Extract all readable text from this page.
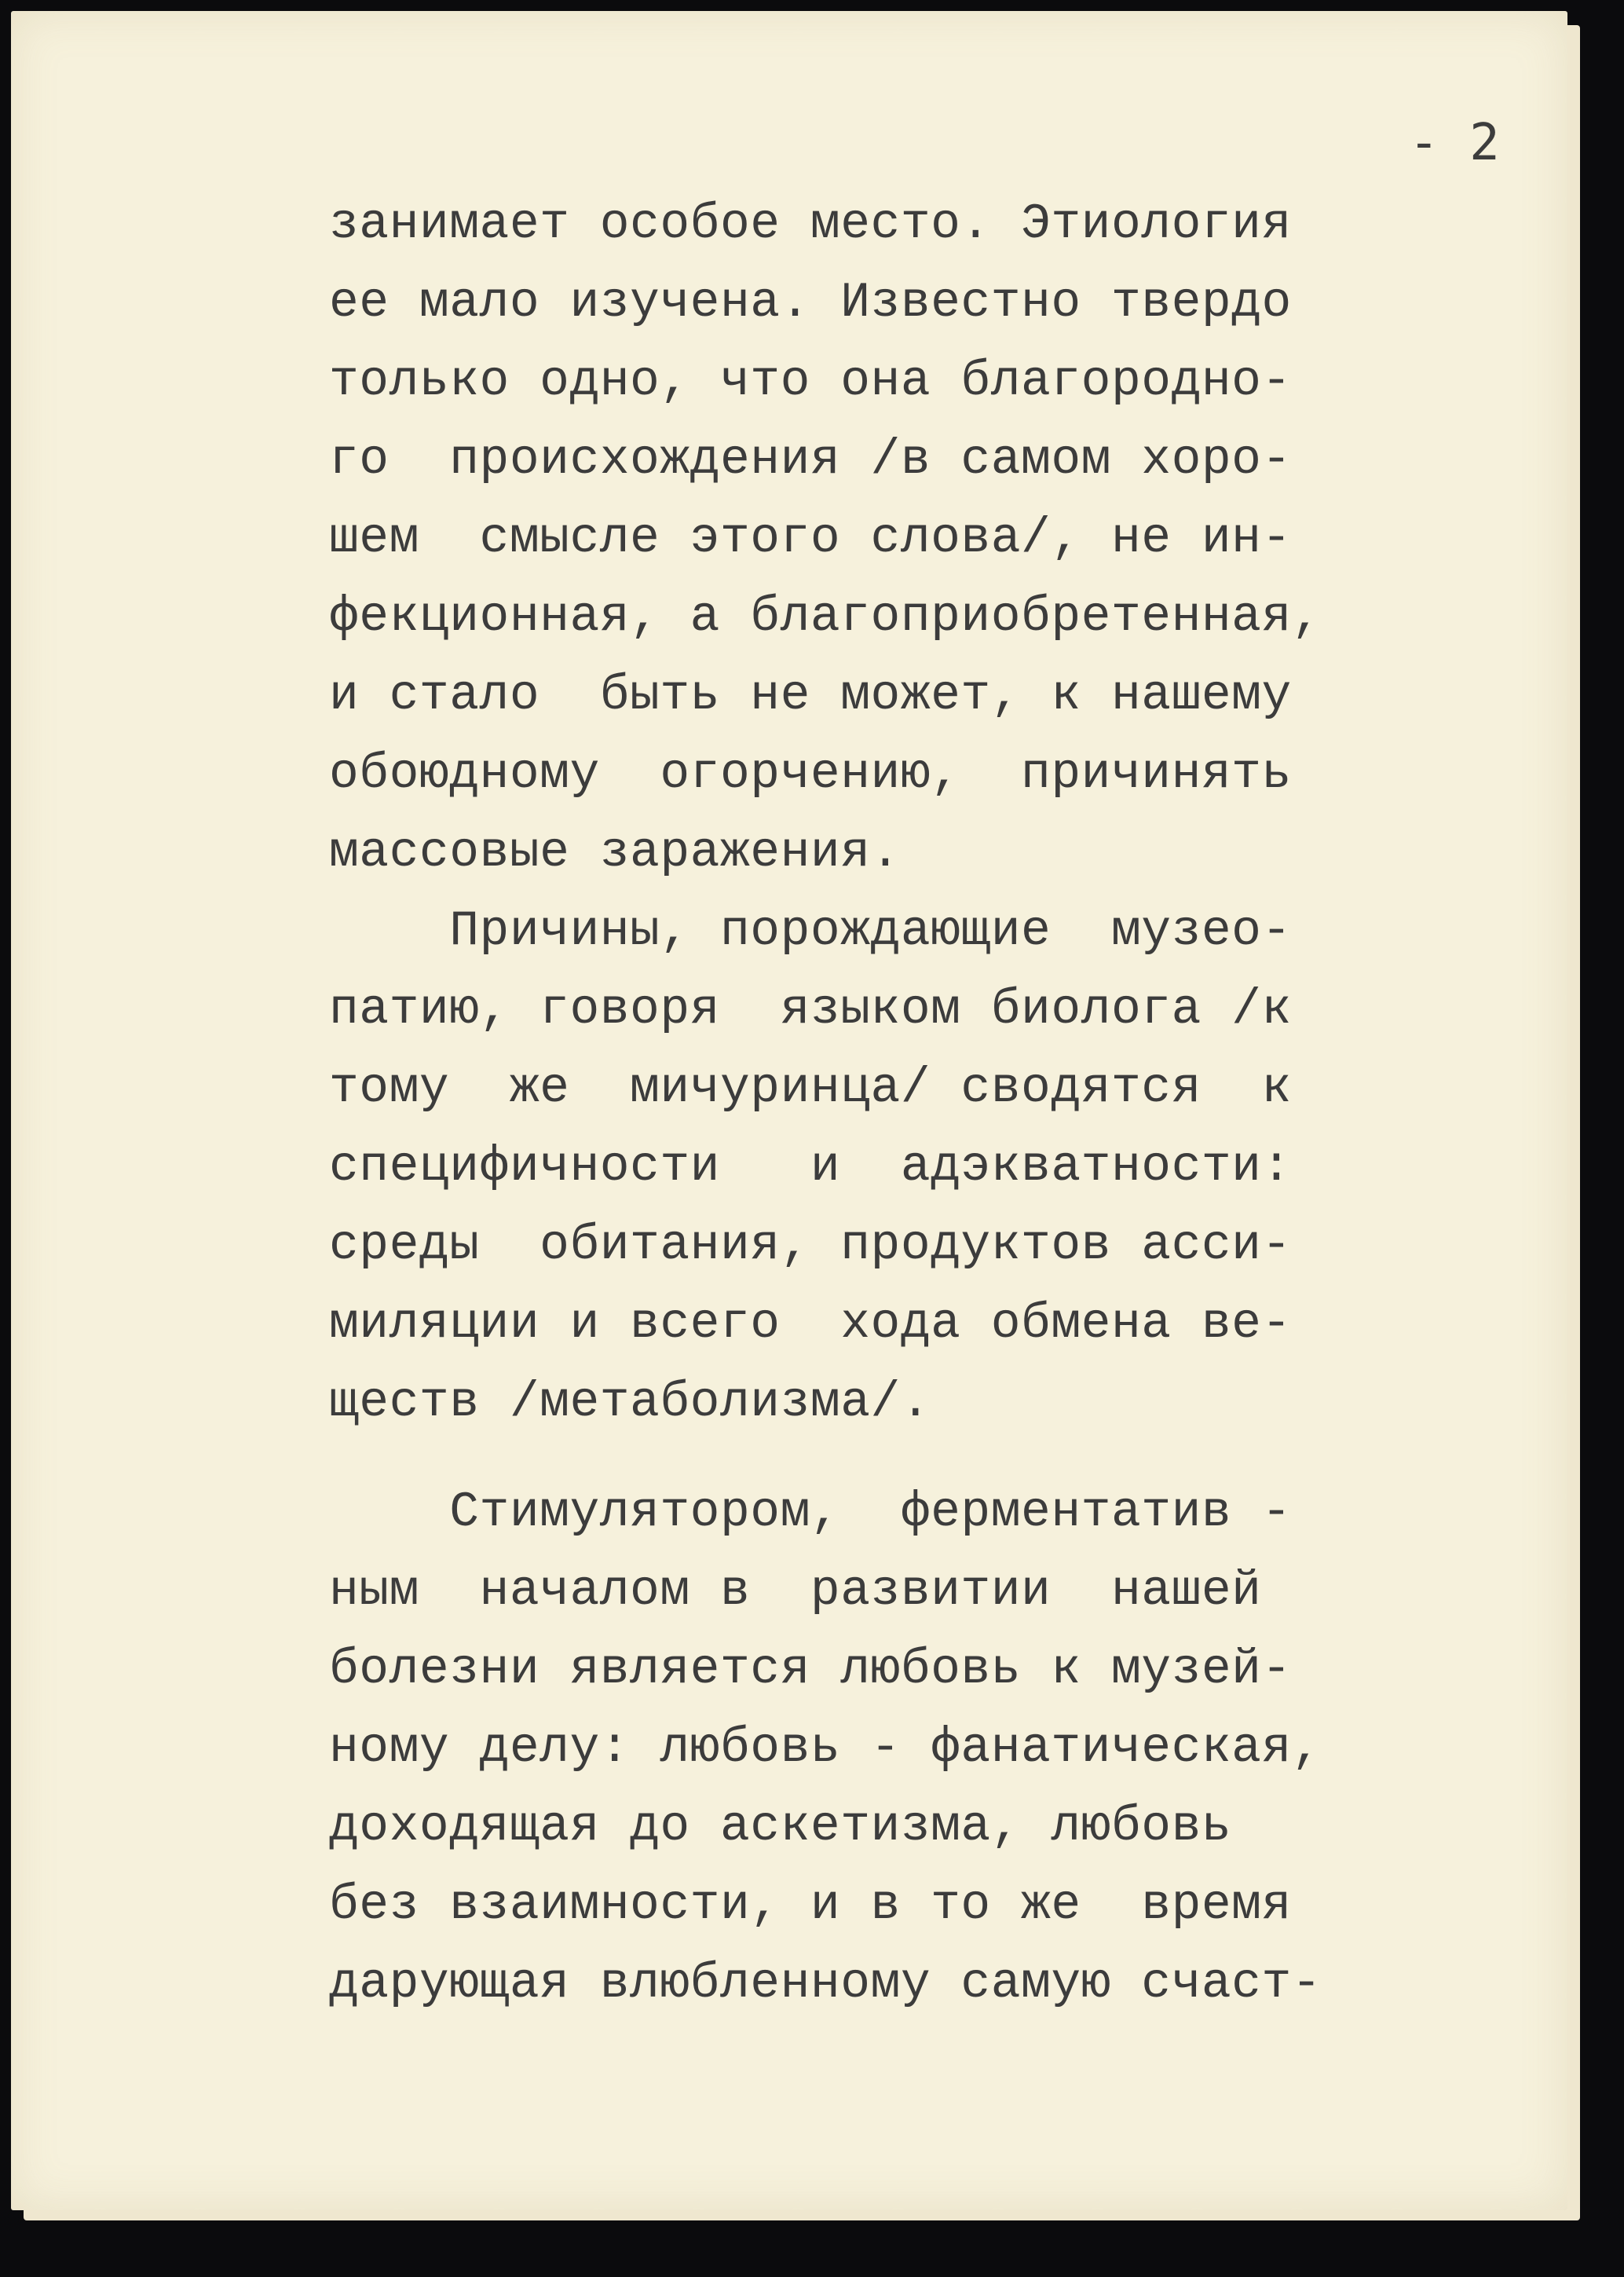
- 2

занимает особое место. Этиология
ее мало изучена. Известно твердо
только одно, что она благородно-
го  происхождения /в самом хоро-
шем  смысле этого слова/, не ин-
фекционная, а благоприобретенная,
и стало  быть не может, к нашему
обоюдному  огорчению,  причинять
массовые заражения.
Причины, порождающие  музео-
патию, говоря  языком биолога /к
тому  же  мичуринца/ сводятся  к
специфичности   и  адэкватности:
среды  обитания, продуктов асси-
миляции и всего  хода обмена ве-
ществ /метаболизма/.
Стимулятором,  ферментатив -
ным  началом в  развитии  нашей
болезни является любовь к музей-
ному делу: любовь - фанатическая,
доходящая до аскетизма, любовь
без взаимности, и в то же  время
дарующая влюбленному самую счаст-
